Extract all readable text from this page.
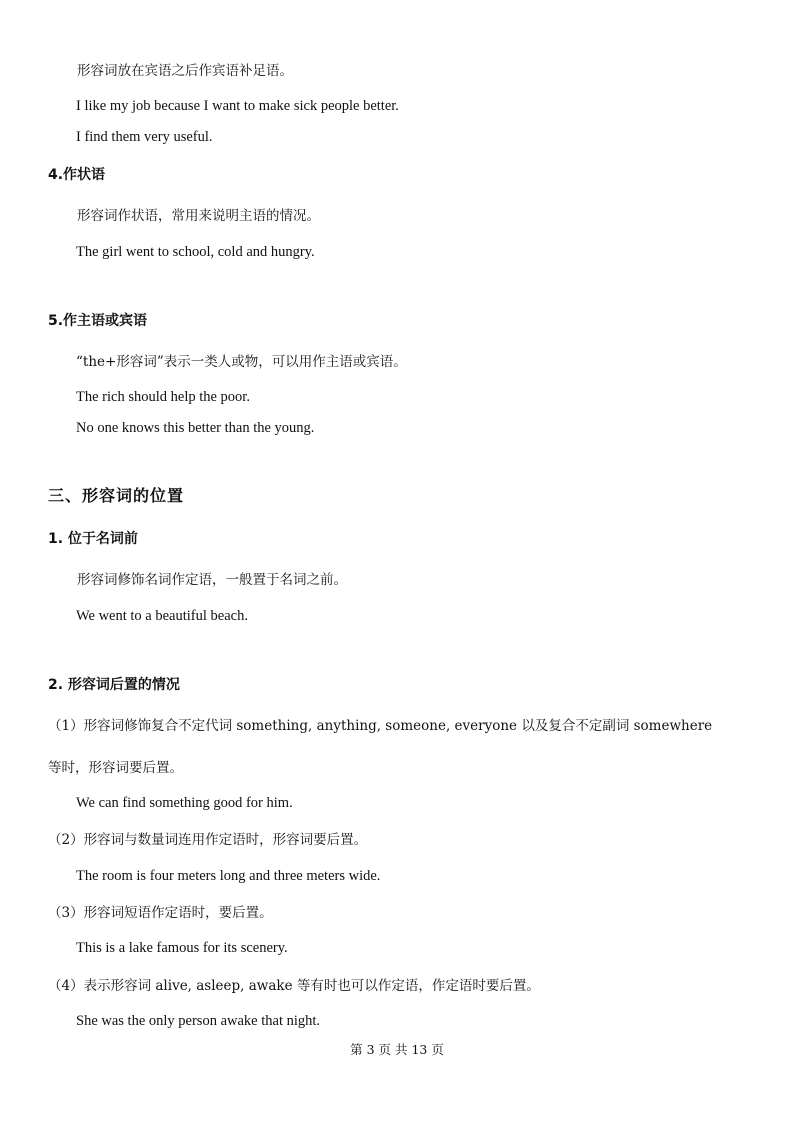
形容词放在宾语之后作宾语补足语。
I like my job because I want to make sick people better.
I find them very useful.
4.作状语
形容词作状语，常用来说明主语的情况。
The girl went to school, cold and hungry.
5.作主语或宾语
“the+形容词”表示一类人或物，可以用作主语或宾语。
The rich should help the poor.
No one knows this better than the young.
三、形容词的位置
1. 位于名词前
形容词修饰名词作定语，一般置于名词之前。
We went to a beautiful beach.
2. 形容词后置的情况
（1）形容词修饰复合不定代词 something, anything, someone, everyone 以及复合不定副词 somewhere
等时，形容词要后置。
We can find something good for him.
（2）形容词与数量词连用作定语时，形容词要后置。
The room is four meters long and three meters wide.
（3）形容词短语作定语时，要后置。
This is a lake famous for its scenery.
（4）表示形容词 alive, asleep, awake 等有时也可以作定语，作定语时要后置。
She was the only person awake that night.
第 3 页 共 13 页
